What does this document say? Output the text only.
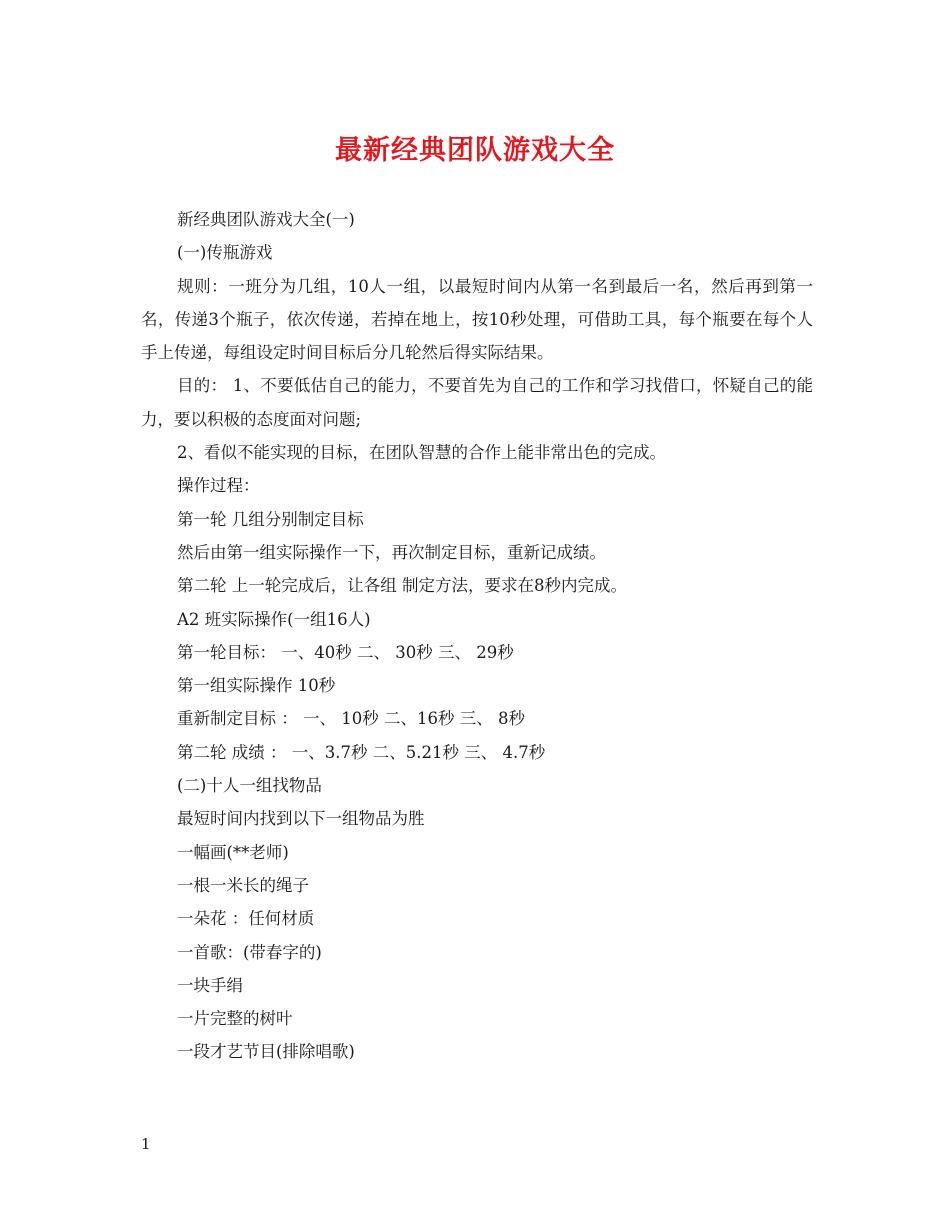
最新经典团队游戏大全

新经典团队游戏大全(一)

(一)传瓶游戏

规则：一班分为几组，10人一组，以最短时间内从第一名到最后一名，然后再到第一名，传递3个瓶子，依次传递，若掉在地上，按10秒处理，可借助工具，每个瓶要在每个人手上传递，每组设定时间目标后分几轮然后得实际结果。

目的： 1、不要低估自己的能力，不要首先为自己的工作和学习找借口，怀疑自己的能力，要以积极的态度面对问题;

2、看似不能实现的目标，在团队智慧的合作上能非常出色的完成。

操作过程：

第一轮 几组分别制定目标

然后由第一组实际操作一下，再次制定目标，重新记成绩。

第二轮 上一轮完成后，让各组 制定方法，要求在8秒内完成。

A2 班实际操作(一组16人)

第一轮目标： 一、40秒 二、 30秒 三、 29秒

第一组实际操作 10秒

重新制定目标 ： 一、 10秒 二、16秒 三、 8秒

第二轮 成绩 ： 一、3.7秒 二、5.21秒 三、 4.7秒

(二)十人一组找物品

最短时间内找到以下一组物品为胜

一幅画(**老师)

一根一米长的绳子

一朵花 ：任何材质

一首歌：(带春字的)

一块手绢

一片完整的树叶

一段才艺节目(排除唱歌)

1
